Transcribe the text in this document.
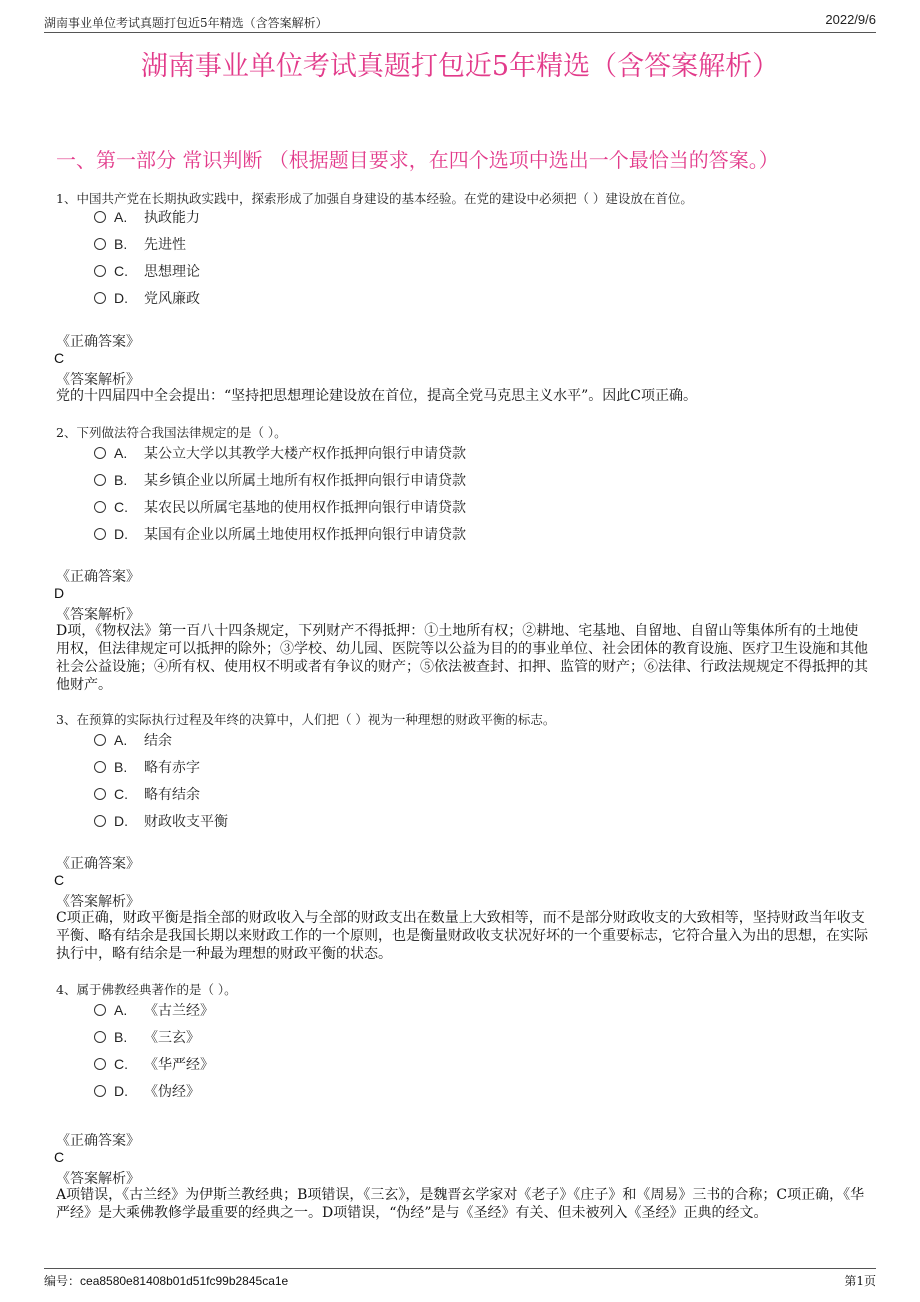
湖南事业单位考试真题打包近5年精选（含答案解析）	2022/9/6
湖南事业单位考试真题打包近5年精选（含答案解析）
一、第一部分 常识判断 （根据题目要求，在四个选项中选出一个最恰当的答案。）
1、中国共产党在长期执政实践中，探索形成了加强自身建设的基本经验。在党的建设中必须把（ ）建设放在首位。
A. 执政能力
B. 先进性
C. 思想理论
D. 党风廉政
《正确答案》
C
《答案解析》
党的十四届四中全会提出：“坚持把思想理论建设放在首位，提高全党马克思主义水平”。因此C项正确。
2、下列做法符合我国法律规定的是（ ）。
A. 某公立大学以其教学大楼产权作抵押向银行申请贷款
B. 某乡镇企业以所属土地所有权作抵押向银行申请贷款
C. 某农民以所属宅基地的使用权作抵押向银行申请贷款
D. 某国有企业以所属土地使用权作抵押向银行申请贷款
《正确答案》
D
《答案解析》
D项，《物权法》第一百八十四条规定，下列财产不得抵押：①土地所有权；②耕地、宅基地、自留地、自留山等集体所有的土地使用权，但法律规定可以抵押的除外；③学校、幼儿园、医院等以公益为目的的事业单位、社会团体的教育设施、医疗卫生设施和其他社会公益设施；④所有权、使用权不明或者有争议的财产；⑤依法被查封、扣押、监管的财产；⑥法律、行政法规规定不得抵押的其他财产。
3、在预算的实际执行过程及年终的决算中，人们把（ ）视为一种理想的财政平衡的标志。
A. 结余
B. 略有赤字
C. 略有结余
D. 财政收支平衡
《正确答案》
C
《答案解析》
C项正确，财政平衡是指全部的财政收入与全部的财政支出在数量上大致相等，而不是部分财政收支的大致相等，坚持财政当年收支平衡、略有结余是我国长期以来财政工作的一个原则，也是衡量财政收支状况好坏的一个重要标志，它符合量入为出的思想，在实际执行中，略有结余是一种最为理想的财政平衡的状态。
4、属于佛教经典著作的是（ ）。
A. 《古兰经》
B. 《三玄》
C. 《华严经》
D. 《伪经》
《正确答案》
C
《答案解析》
A项错误，《古兰经》为伊斯兰教经典；B项错误，《三玄》，是魏晋玄学家对《老子》《庄子》和《周易》三书的合称；C项正确，《华严经》是大乘佛教修学最重要的经典之一。D项错误，“伪经”是与《圣经》有关、但未被列入《圣经》正典的经文。
编号：cea8580e81408b01d51fc99b2845ca1e	第1页
